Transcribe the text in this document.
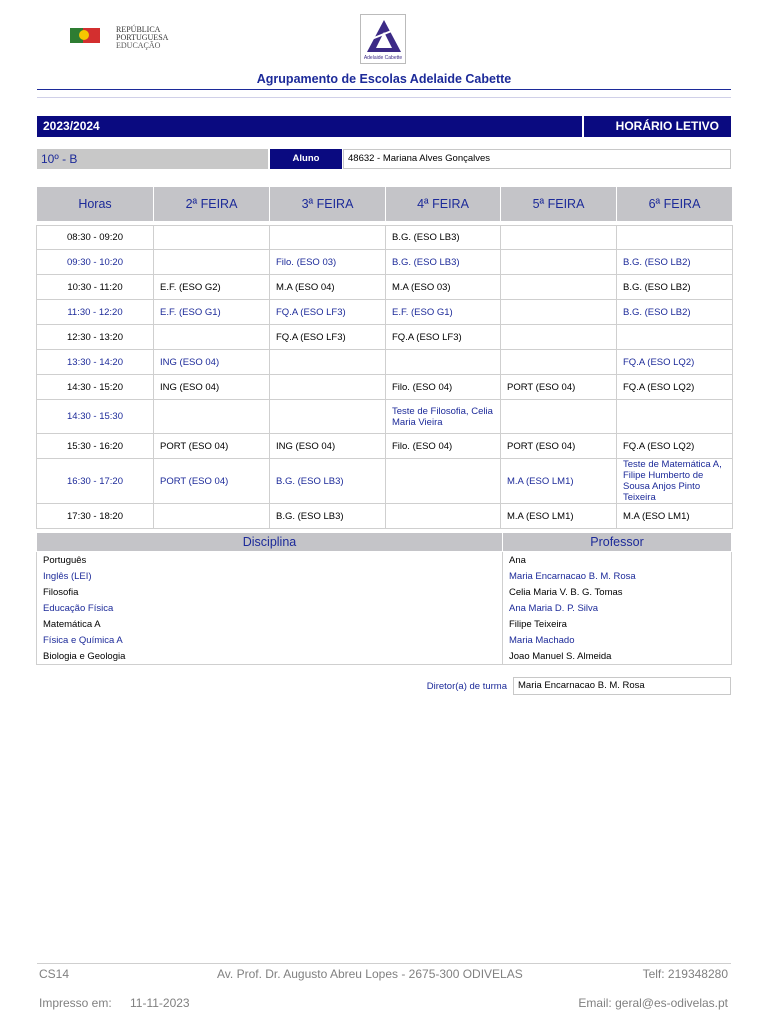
REPÚBLICA
PORTUGUESA
EDUCAÇÃO
Adelaide Cabette
Agrupamento de Escolas Adelaide Cabette
2023/2024	HORÁRIO LETIVO
10º - B	Aluno	48632 - Mariana Alves Gonçalves
Horas	2ª FEIRA	3ª FEIRA	4ª FEIRA	5ª FEIRA	6ª FEIRA

08:30 - 09:20			B.G. (ESO LB3)		
09:30 - 10:20		Filo. (ESO 03)	B.G. (ESO LB3)		B.G. (ESO LB2)
10:30 - 11:20	E.F. (ESO G2)	M.A (ESO 04)	M.A (ESO 03)		B.G. (ESO LB2)
11:30 - 12:20	E.F. (ESO G1)	FQ.A (ESO LF3)	E.F. (ESO G1)		B.G. (ESO LB2)
12:30 - 13:20		FQ.A (ESO LF3)	FQ.A (ESO LF3)		
13:30 - 14:20	ING (ESO 04)				FQ.A (ESO LQ2)
14:30 - 15:20	ING (ESO 04)		Filo. (ESO 04)	PORT (ESO 04)	FQ.A (ESO LQ2)
14:30 - 15:30			Teste de Filosofia, Celia Maria Vieira		
15:30 - 16:20	PORT (ESO 04)	ING (ESO 04)	Filo. (ESO 04)	PORT (ESO 04)	FQ.A (ESO LQ2)
16:30 - 17:20	PORT (ESO 04)	B.G. (ESO LB3)		M.A (ESO LM1)	Teste de Matemática A, Filipe Humberto de Sousa Anjos Pinto Teixeira
17:30 - 18:20		B.G. (ESO LB3)		M.A (ESO LM1)	M.A (ESO LM1)
Disciplina	Professor
Português	Ana
Inglês (LEI)	Maria Encarnacao B. M. Rosa
Filosofia	Celia Maria V. B. G. Tomas
Educação Física	Ana Maria D. P. Silva
Matemática A	Filipe Teixeira
Física e Química A	Maria Machado
Biologia e Geologia	Joao Manuel S. Almeida
Diretor(a) de turma	Maria Encarnacao B. M. Rosa
CS14	Av. Prof. Dr. Augusto Abreu Lopes - 2675-300 ODIVELAS	Telf: 219348280
Impresso em: 11-11-2023	Email: geral@es-odivelas.pt
